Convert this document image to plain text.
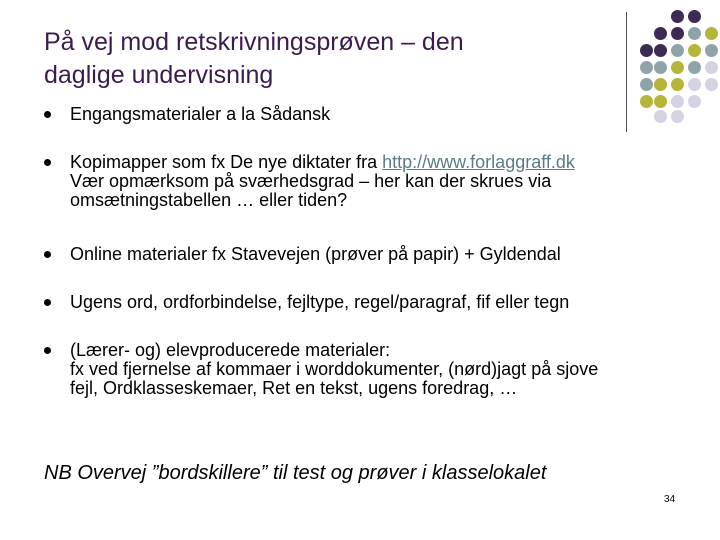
På vej mod retskrivningsprøven – den
daglige undervisning
Engangsmaterialer a la Sådansk
Kopimapper som fx De nye diktater fra http://www.forlaggraff.dk
Vær opmærksom på sværhedsgrad – her kan der skrues via
omsætningstabellen … eller tiden?
Online materialer fx Stavevejen (prøver på papir) + Gyldendal
Ugens ord, ordforbindelse, fejltype, regel/paragraf, fif eller tegn
(Lærer- og) elevproducerede materialer:
fx ved fjernelse af kommaer i worddokumenter, (nørd)jagt på sjove
fejl, Ordklasseskemaer, Ret en tekst, ugens foredrag, …
NB Overvej ”bordskillere” til test og prøver i klasselokalet
34
